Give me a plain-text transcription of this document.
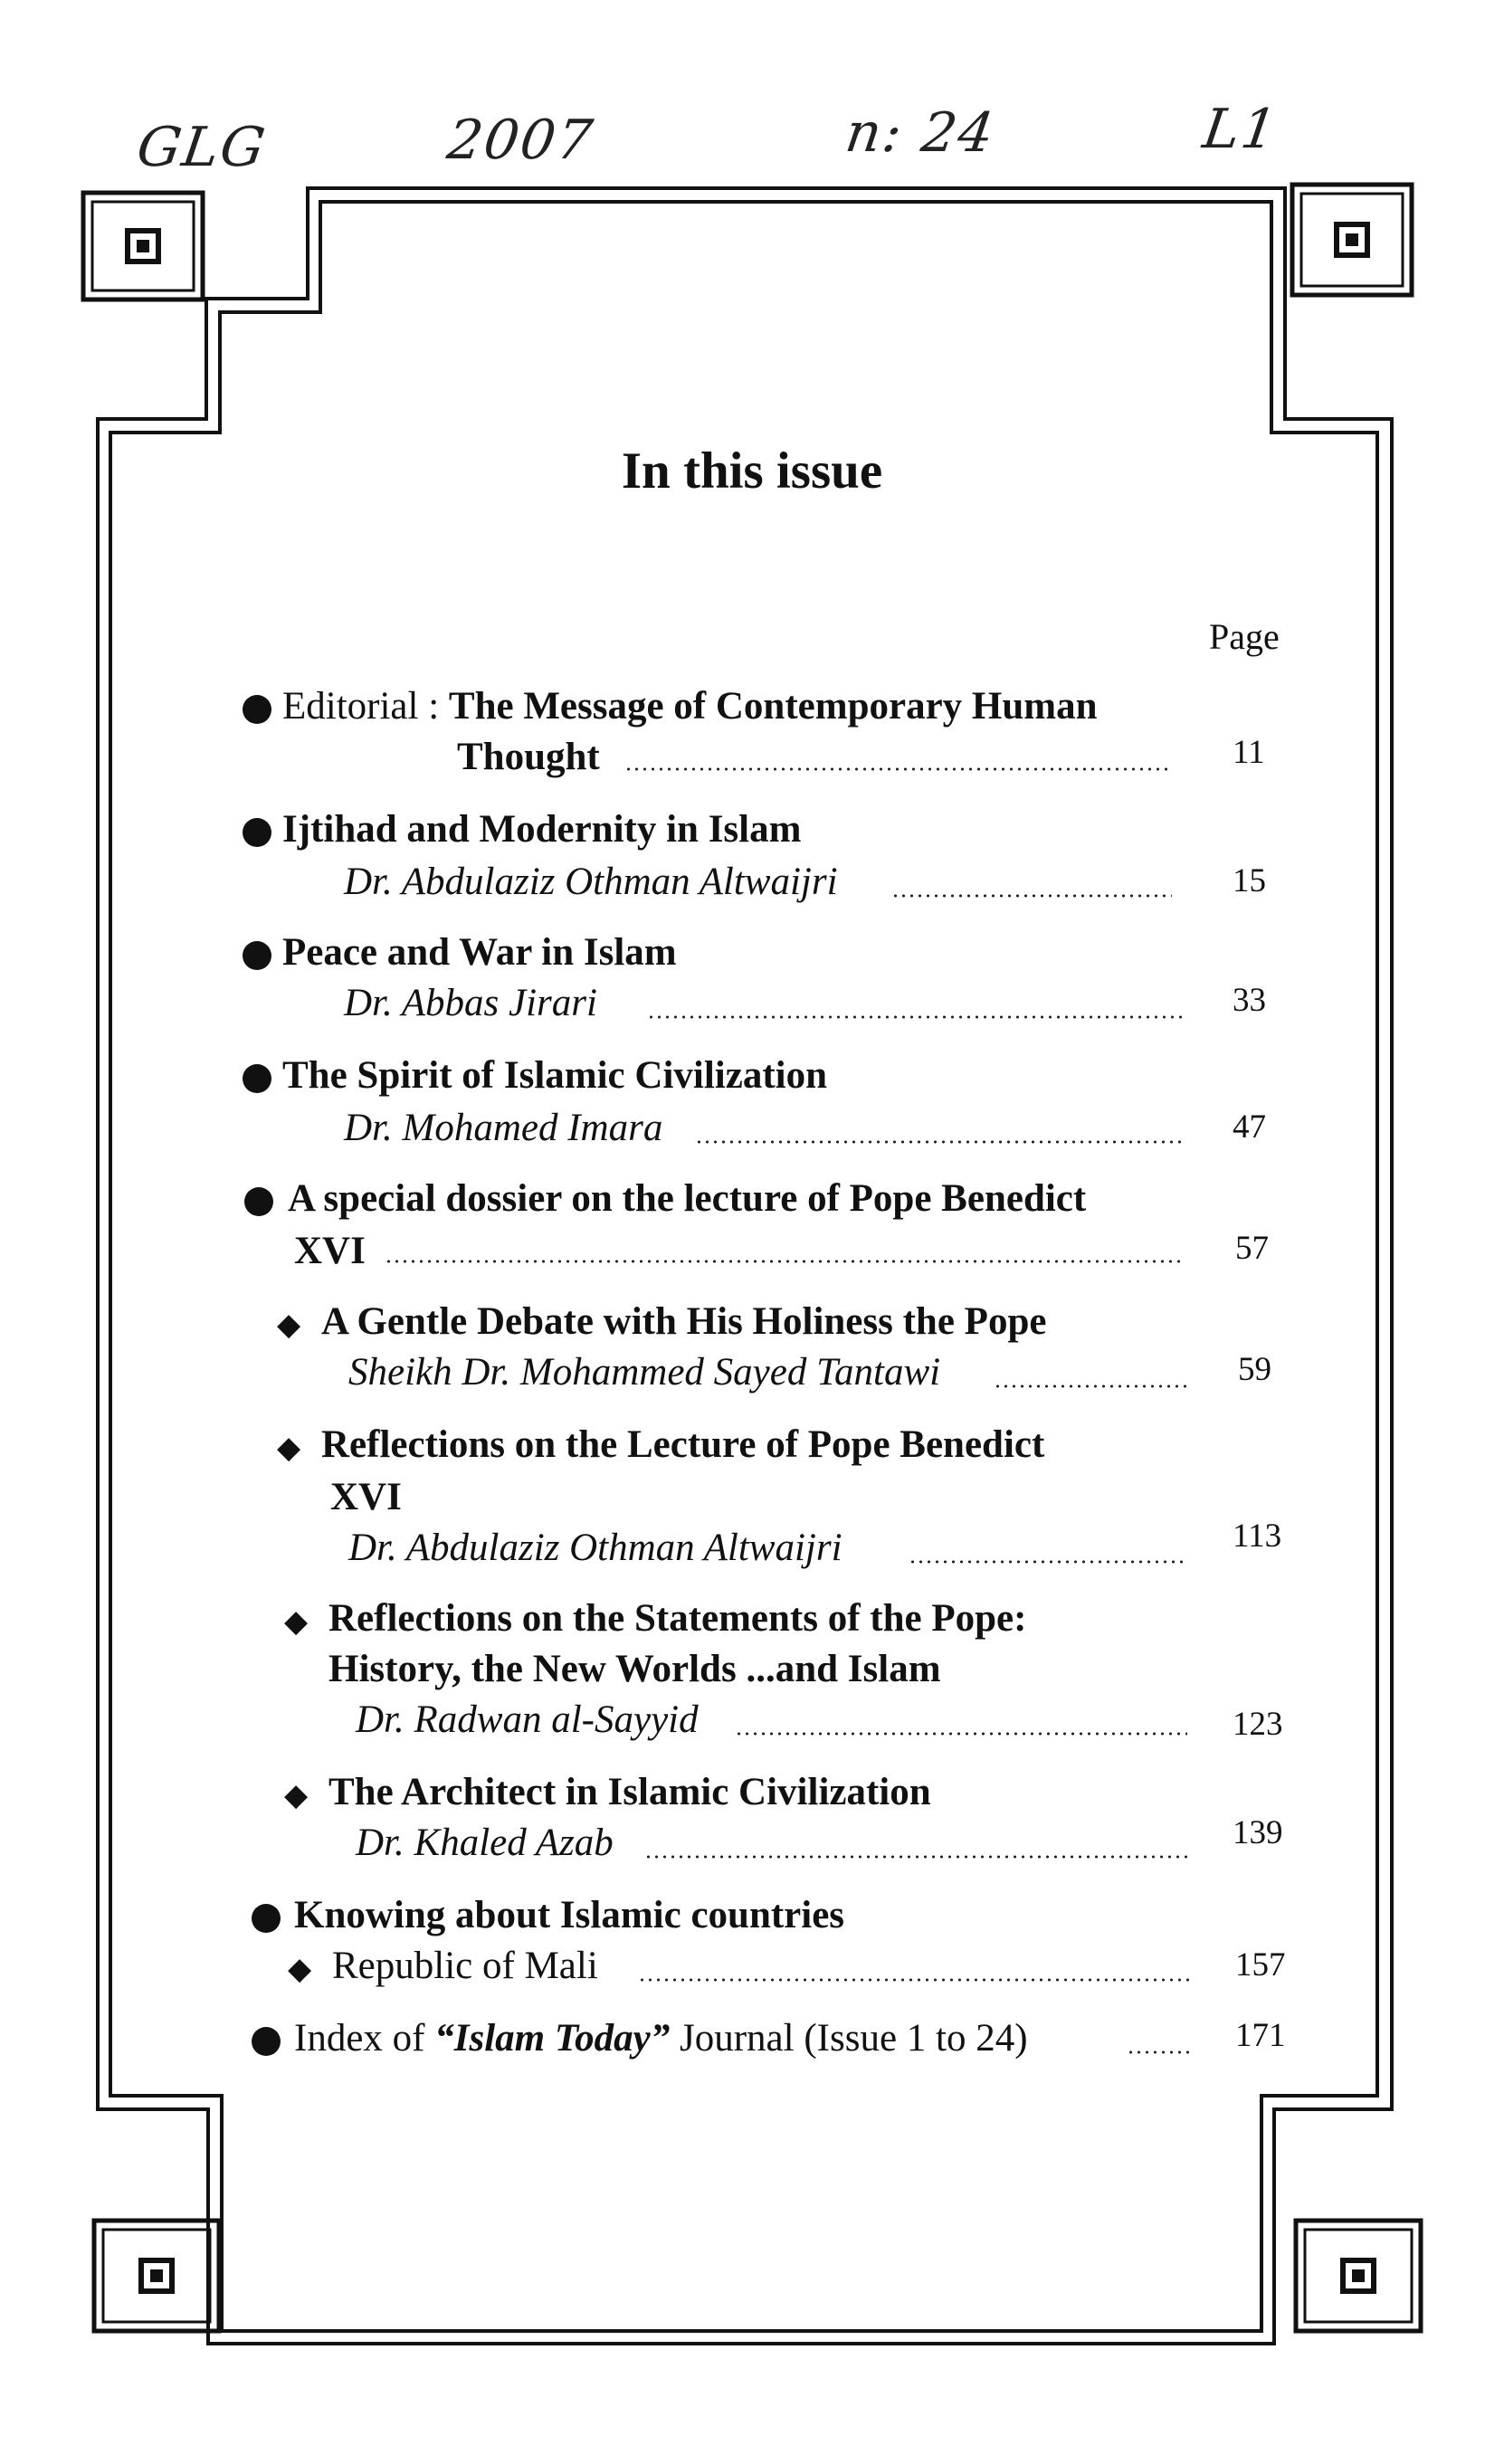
GLG	2007	n: 24	L1
In this issue
Page
Editorial : The Message of Contemporary Human
Thought	11
Ijtihad and Modernity in Islam
Dr. Abdulaziz Othman Altwaijri	15
Peace and War in Islam
Dr. Abbas Jirari	33
The Spirit of Islamic Civilization
Dr. Mohamed Imara	47
A special dossier on the lecture of Pope Benedict
XVI	57
◆ A Gentle Debate with His Holiness the Pope
Sheikh Dr. Mohammed Sayed Tantawi	59
◆ Reflections on the Lecture of Pope Benedict
XVI
Dr. Abdulaziz Othman Altwaijri	113
◆ Reflections on the Statements of the Pope:
History, the New Worlds ...and Islam
Dr. Radwan al-Sayyid	123
◆ The Architect in Islamic Civilization
Dr. Khaled Azab	139
Knowing about Islamic countries
◆ Republic of Mali	157
Index of “Islam Today” Journal (Issue 1 to 24)	171
